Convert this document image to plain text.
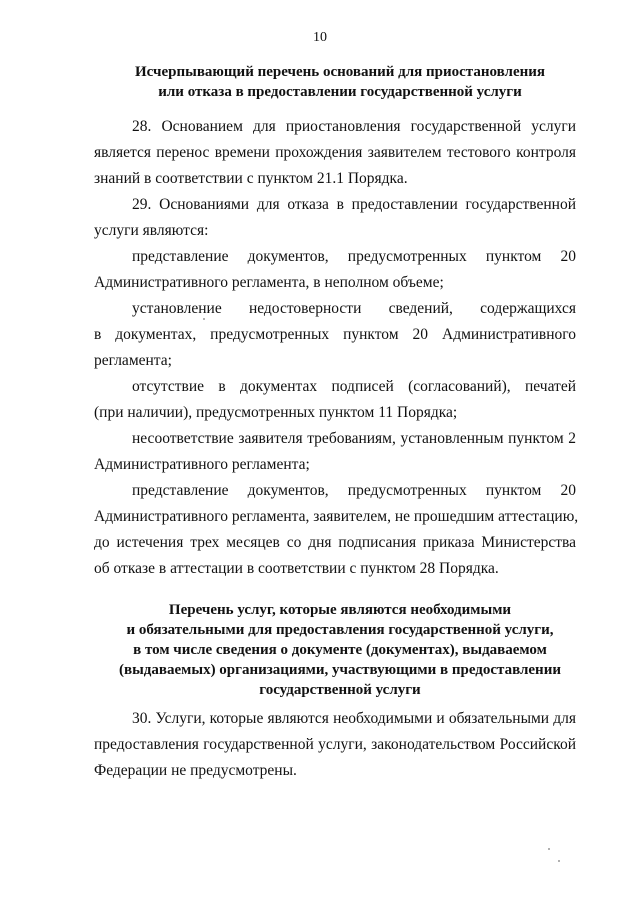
10
Исчерпывающий перечень оснований для приостановления
или отказа в предоставлении государственной услуги
28. Основанием для приостановления государственной услуги
является перенос времени прохождения заявителем тестового контроля
знаний в соответствии с пунктом 21.1 Порядка.
29. Основаниями для отказа в предоставлении государственной
услуги являются:
представление документов, предусмотренных пунктом 20
Административного регламента, в неполном объеме;
установление недостоверности сведений, содержащихся
в документах, предусмотренных пунктом 20 Административного
регламента;
отсутствие в документах подписей (согласований), печатей
(при наличии), предусмотренных пунктом 11 Порядка;
несоответствие заявителя требованиям, установленным пунктом 2
Административного регламента;
представление документов, предусмотренных пунктом 20
Административного регламента, заявителем, не прошедшим аттестацию,
до истечения трех месяцев со дня подписания приказа Министерства
об отказе в аттестации в соответствии с пунктом 28 Порядка.
Перечень услуг, которые являются необходимыми
и обязательными для предоставления государственной услуги,
в том числе сведения о документе (документах), выдаваемом
(выдаваемых) организациями, участвующими в предоставлении
государственной услуги
30. Услуги, которые являются необходимыми и обязательными для
предоставления государственной услуги, законодательством Российской
Федерации не предусмотрены.
